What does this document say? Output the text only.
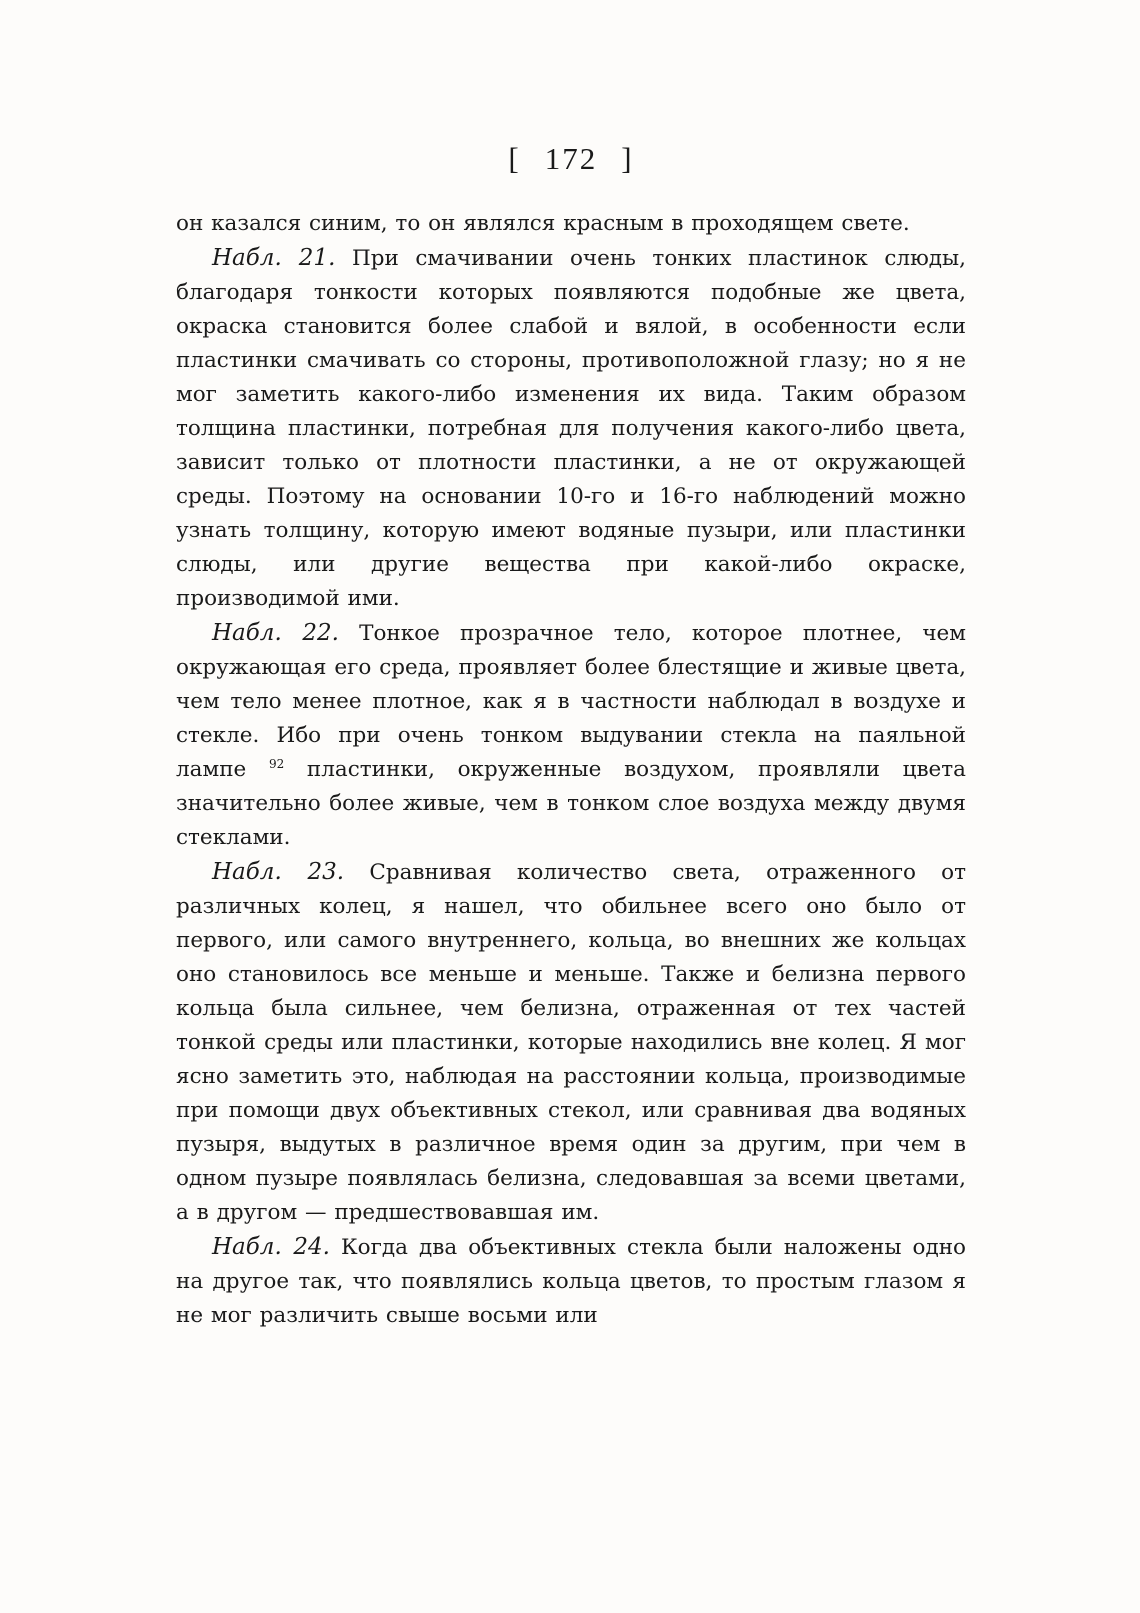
[ 172 ]

он казался синим, то он являлся красным в проходящем свете.

Набл. 21. При смачивании очень тонких пластинок слюды, благодаря тонкости которых появляются подобные же цвета, окраска становится более слабой и вялой, в особенности если пластинки смачивать со стороны, противоположной глазу; но я не мог заметить какого-либо изменения их вида. Таким образом толщина пластинки, потребная для получения какого-либо цвета, зависит только от плотности пластинки, а не от окружающей среды. Поэтому на основании 10-го и 16-го наблюдений можно узнать толщину, которую имеют водяные пузыри, или пластинки слюды, или другие вещества при какой-либо окраске, производимой ими.

Набл. 22. Тонкое прозрачное тело, которое плотнее, чем окружающая его среда, проявляет более блестящие и живые цвета, чем тело менее плотное, как я в частности наблюдал в воздухе и стекле. Ибо при очень тонком выдувании стекла на паяльной лампе $^{92}$ пластинки, окруженные воздухом, проявляли цвета значительно более живые, чем в тонком слое воздуха между двумя стеклами.

Набл. 23. Сравнивая количество света, отраженного от различных колец, я нашел, что обильнее всего оно было от первого, или самого внутреннего, кольца, во внешних же кольцах оно становилось все меньше и меньше. Также и белизна первого кольца была сильнее, чем белизна, отраженная от тех частей тонкой среды или пластинки, которые находились вне колец. Я мог ясно заметить это, наблюдая на расстоянии кольца, производимые при помощи двух объективных стекол, или сравнивая два водяных пузыря, выдутых в различное время один за другим, при чем в одном пузыре появлялась белизна, следовавшая за всеми цветами, а в другом — предшествовавшая им.

Набл. 24. Когда два объективных стекла были наложены одно на другое так, что появлялись кольца цветов, то простым глазом я не мог различить свыше восьми или
